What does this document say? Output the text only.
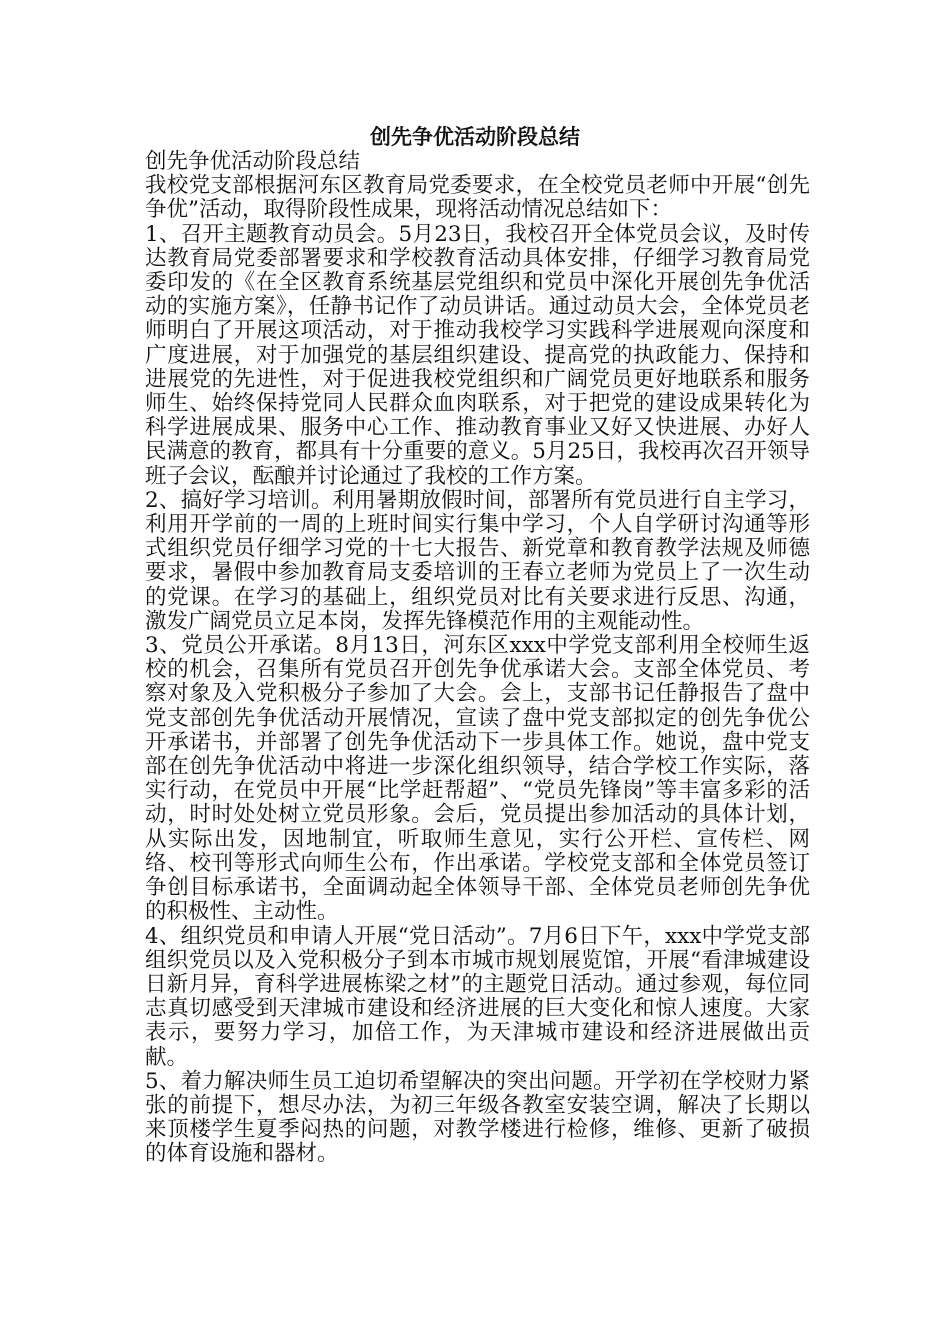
创先争优活动阶段总结

创先争优活动阶段总结

我校党支部根据河东区教育局党委要求，在全校党员老师中开展“创先争优”活动，取得阶段性成果，现将活动情况总结如下：

1、召开主题教育动员会。5月23日，我校召开全体党员会议，及时传达教育局党委部署要求和学校教育活动具体安排，仔细学习教育局党委印发的《在全区教育系统基层党组织和党员中深化开展创先争优活动的实施方案》，任静书记作了动员讲话。通过动员大会，全体党员老师明白了开展这项活动，对于推动我校学习实践科学进展观向深度和广度进展，对于加强党的基层组织建设、提高党的执政能力、保持和进展党的先进性，对于促进我校党组织和广阔党员更好地联系和服务师生、始终保持党同人民群众血肉联系，对于把党的建设成果转化为科学进展成果、服务中心工作、推动教育事业又好又快进展、办好人民满意的教育，都具有十分重要的意义。5月25日，我校再次召开领导班子会议，酝酿并讨论通过了我校的工作方案。

2、搞好学习培训。利用暑期放假时间，部署所有党员进行自主学习，利用开学前的一周的上班时间实行集中学习，个人自学研讨沟通等形式组织党员仔细学习党的十七大报告、新党章和教育教学法规及师德要求，暑假中参加教育局支委培训的王春立老师为党员上了一次生动的党课。在学习的基础上，组织党员对比有关要求进行反思、沟通，激发广阔党员立足本岗，发挥先锋模范作用的主观能动性。

3、党员公开承诺。8月13日，河东区xxx中学党支部利用全校师生返校的机会，召集所有党员召开创先争优承诺大会。支部全体党员、考察对象及入党积极分子参加了大会。会上，支部书记任静报告了盘中党支部创先争优活动开展情况，宣读了盘中党支部拟定的创先争优公开承诺书，并部署了创先争优活动下一步具体工作。她说，盘中党支部在创先争优活动中将进一步深化组织领导，结合学校工作实际，落实行动，在党员中开展“比学赶帮超”、“党员先锋岗”等丰富多彩的活动，时时处处树立党员形象。会后，党员提出参加活动的具体计划，从实际出发，因地制宜，听取师生意见，实行公开栏、宣传栏、网络、校刊等形式向师生公布，作出承诺。学校党支部和全体党员签订争创目标承诺书，全面调动起全体领导干部、全体党员老师创先争优的积极性、主动性。

4、组织党员和申请人开展“党日活动”。7月6日下午，xxx中学党支部组织党员以及入党积极分子到本市城市规划展览馆，开展“看津城建设日新月异，育科学进展栋梁之材”的主题党日活动。通过参观，每位同志真切感受到天津城市建设和经济进展的巨大变化和惊人速度。大家表示，要努力学习，加倍工作，为天津城市建设和经济进展做出贡献。

5、着力解决师生员工迫切希望解决的突出问题。开学初在学校财力紧张的前提下，想尽办法，为初三年级各教室安装空调，解决了长期以来顶楼学生夏季闷热的问题，对教学楼进行检修，维修、更新了破损的体育设施和器材。
